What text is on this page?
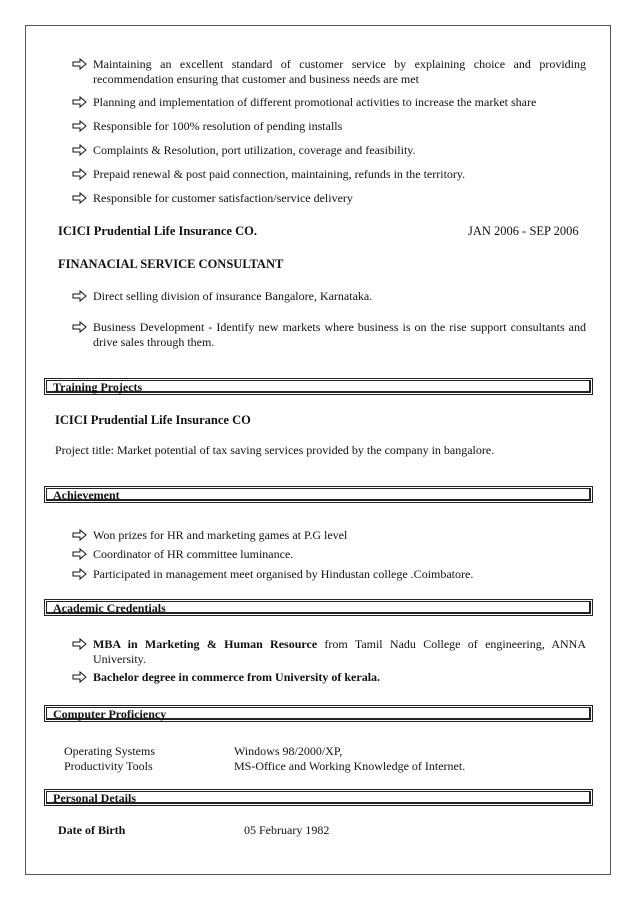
Maintaining an excellent standard of customer service by explaining choice and providing recommendation ensuring that customer and business needs are met
Planning and implementation of different promotional activities to increase the market share
Responsible for 100% resolution of pending installs
Complaints & Resolution, port utilization, coverage and feasibility.
Prepaid renewal & post paid connection, maintaining, refunds in the territory.
Responsible for customer satisfaction/service delivery
ICICI Prudential Life Insurance CO.	JAN 2006 - SEP 2006
FINANACIAL SERVICE CONSULTANT
Direct selling division of insurance Bangalore, Karnataka.
Business Development - Identify new markets where business is on the rise support consultants and drive sales through them.
Training Projects
ICICI Prudential Life Insurance CO
Project title: Market potential of tax saving services provided by the company in bangalore.
Achievement
Won prizes for HR and marketing games at P.G level
Coordinator of HR committee luminance.
Participated in management meet organised by Hindustan college .Coimbatore.
Academic Credentials
MBA in Marketing & Human Resource from Tamil Nadu College of engineering, ANNA University.
Bachelor degree in commerce from University of kerala.
Computer Proficiency
Operating Systems	Windows 98/2000/XP,
Productivity Tools	MS-Office and Working Knowledge of Internet.
Personal Details
Date of Birth	05 February 1982
